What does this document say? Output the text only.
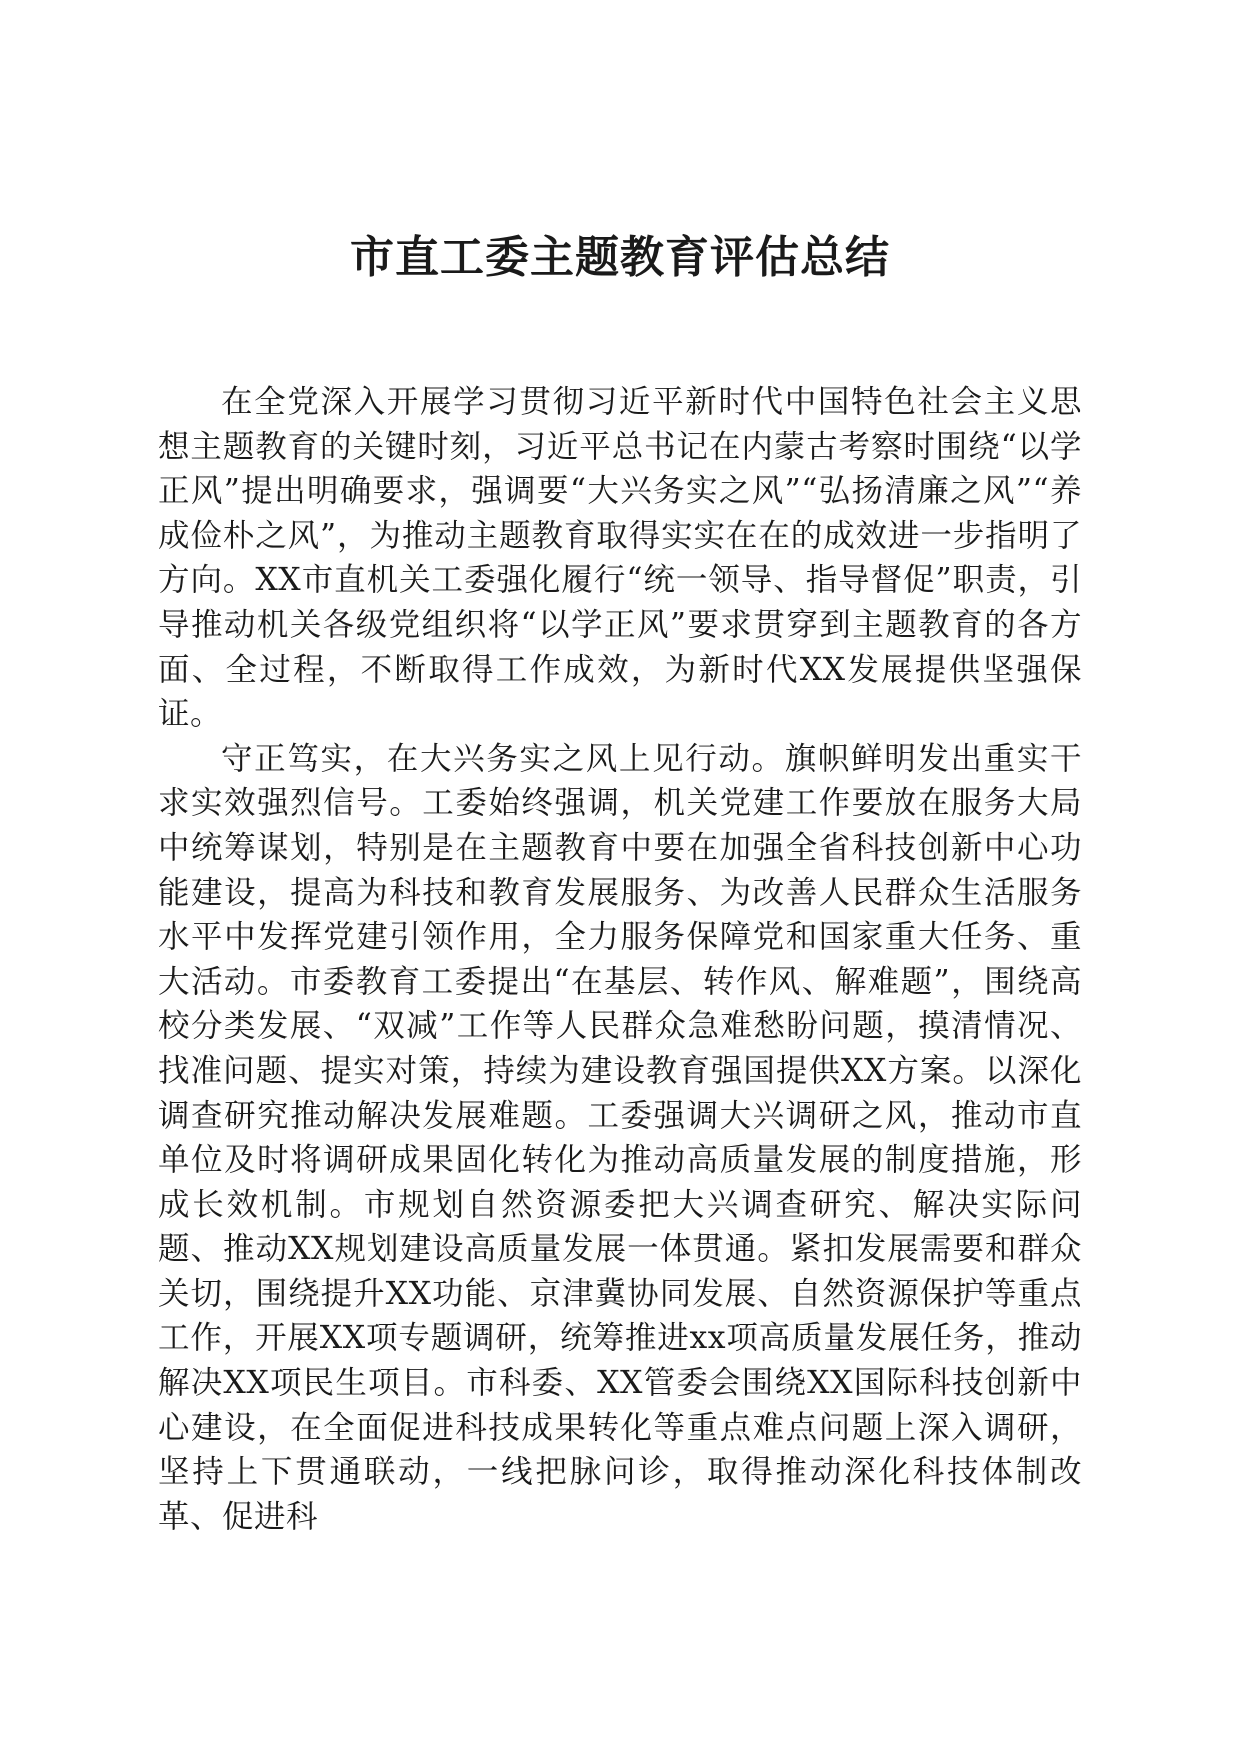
市直工委主题教育评估总结

在全党深入开展学习贯彻习近平新时代中国特色社会主义思想主题教育的关键时刻，习近平总书记在内蒙古考察时围绕“以学正风”提出明确要求，强调要“大兴务实之风”“弘扬清廉之风”“养成俭朴之风”，为推动主题教育取得实实在在的成效进一步指明了方向。XX市直机关工委强化履行“统一领导、指导督促”职责，引导推动机关各级党组织将“以学正风”要求贯穿到主题教育的各方面、全过程，不断取得工作成效，为新时代XX发展提供坚强保证。

守正笃实，在大兴务实之风上见行动。旗帜鲜明发出重实干求实效强烈信号。工委始终强调，机关党建工作要放在服务大局中统筹谋划，特别是在主题教育中要在加强全省科技创新中心功能建设，提高为科技和教育发展服务、为改善人民群众生活服务水平中发挥党建引领作用，全力服务保障党和国家重大任务、重大活动。市委教育工委提出“在基层、转作风、解难题”，围绕高校分类发展、“双减”工作等人民群众急难愁盼问题，摸清情况、找准问题、提实对策，持续为建设教育强国提供XX方案。以深化调查研究推动解决发展难题。工委强调大兴调研之风，推动市直单位及时将调研成果固化转化为推动高质量发展的制度措施，形成长效机制。市规划自然资源委把大兴调查研究、解决实际问题、推动XX规划建设高质量发展一体贯通。紧扣发展需要和群众关切，围绕提升XX功能、京津冀协同发展、自然资源保护等重点工作，开展XX项专题调研，统筹推进xx项高质量发展任务，推动解决XX项民生项目。市科委、XX管委会围绕XX国际科技创新中心建设，在全面促进科技成果转化等重点难点问题上深入调研，坚持上下贯通联动，一线把脉问诊，取得推动深化科技体制改革、促进科
